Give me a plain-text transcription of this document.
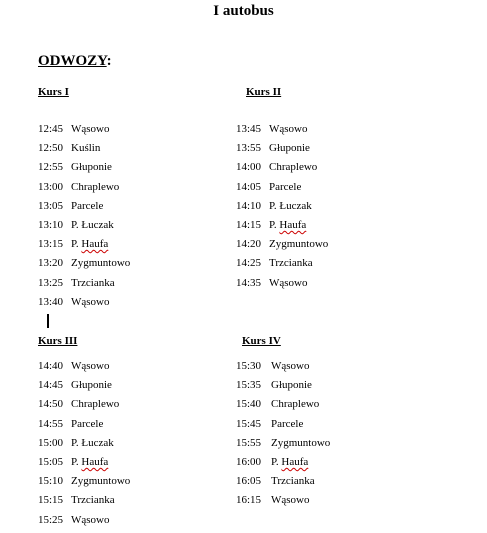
I autobus
ODWOZY:
Kurs I
12:45 Wąsowo
12:50 Kuślin
12:55 Głuponie
13:00 Chraplewo
13:05 Parcele
13:10 P. Łuczak
13:15 P. Haufa
13:20 Zygmuntowo
13:25 Trzcianka
13:40 Wąsowo
Kurs II
13:45 Wąsowo
13:55 Głuponie
14:00 Chraplewo
14:05 Parcele
14:10 P. Łuczak
14:15 P. Haufa
14:20 Zygmuntowo
14:25 Trzcianka
14:35 Wąsowo
Kurs III
14:40 Wąsowo
14:45 Głuponie
14:50 Chraplewo
14:55 Parcele
15:00 P. Łuczak
15:05 P. Haufa
15:10 Zygmuntowo
15:15 Trzcianka
15:25 Wąsowo
Kurs IV
15:30 Wąsowo
15:35 Głuponie
15:40 Chraplewo
15:45 Parcele
15:55 Zygmuntowo
16:00 P. Haufa
16:05 Trzcianka
16:15 Wąsowo
